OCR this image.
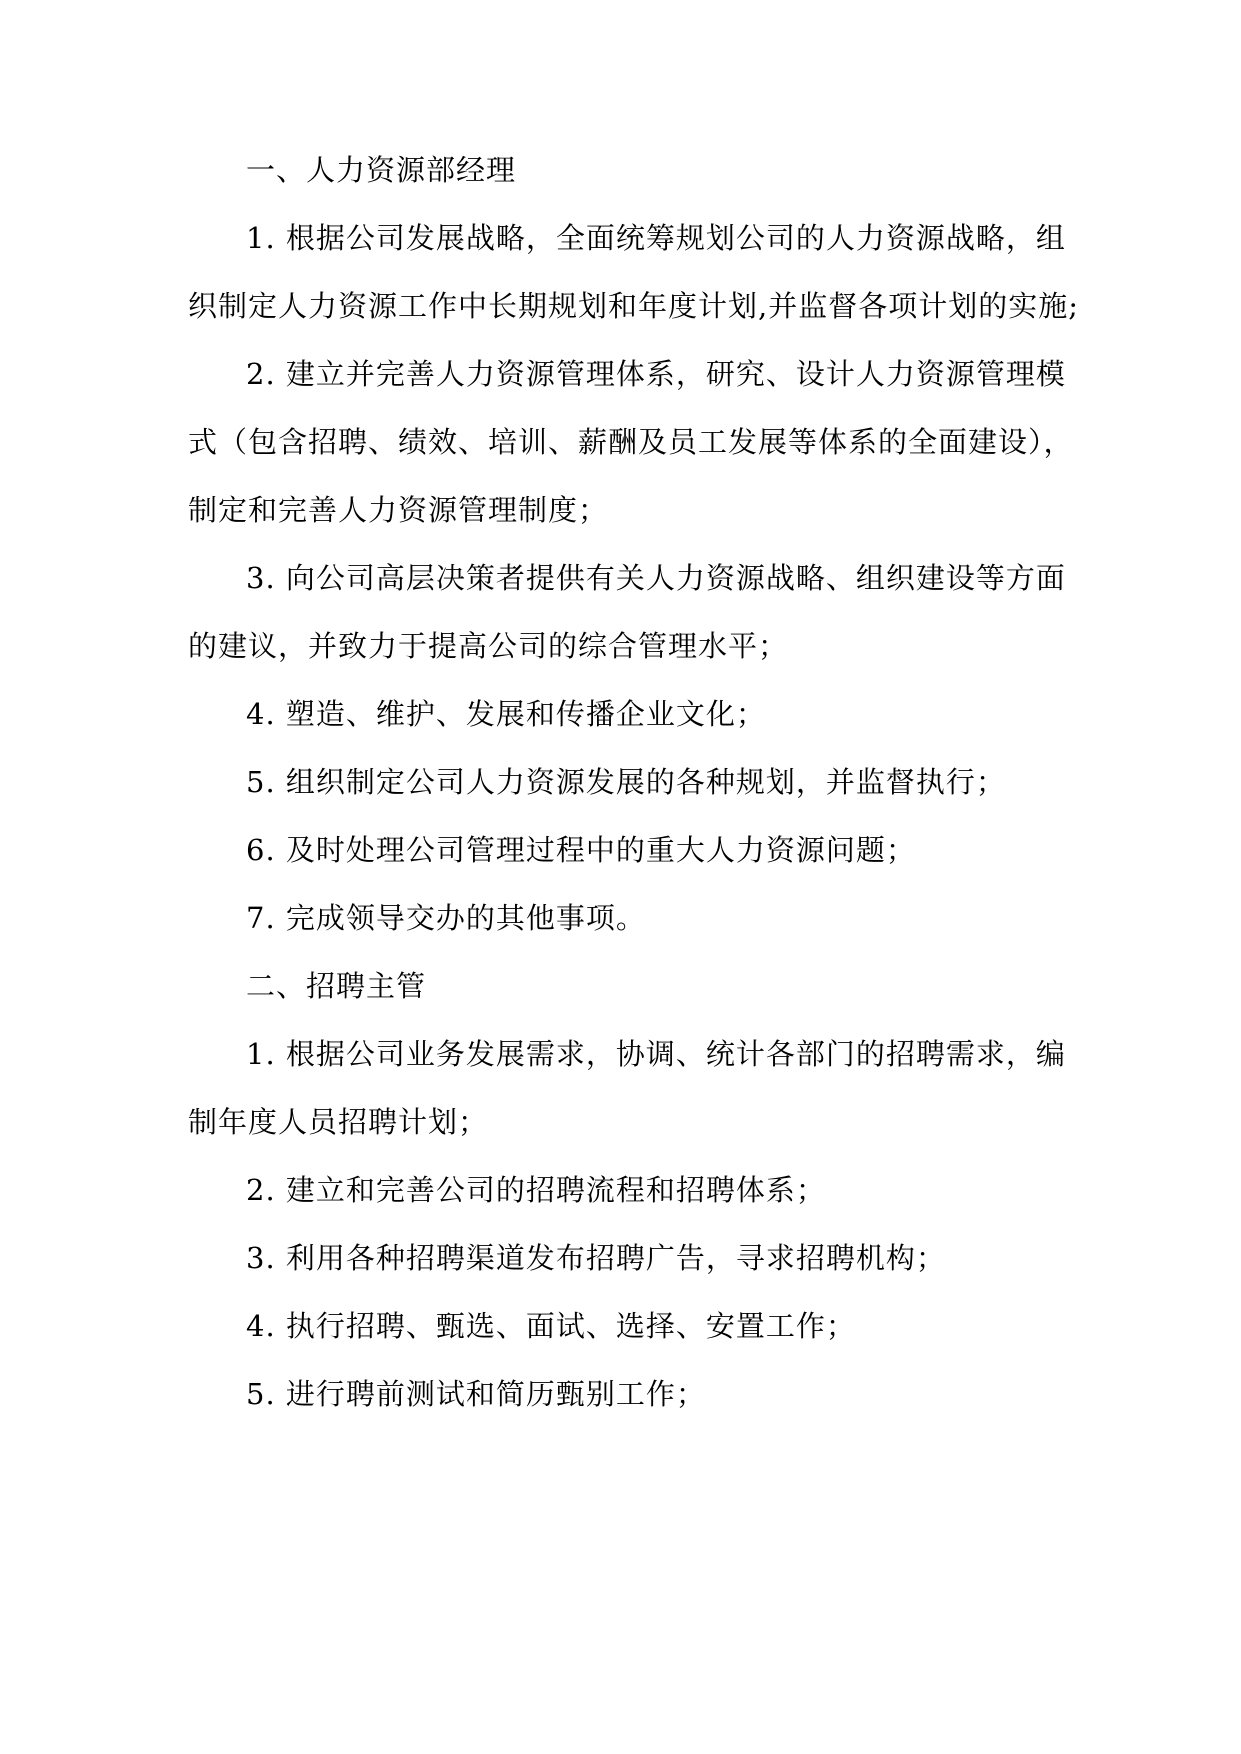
一、人力资源部经理
1. 根据公司发展战略，全面统筹规划公司的人力资源战略，组
织制定人力资源工作中长期规划和年度计划,并监督各项计划的实施;
2. 建立并完善人力资源管理体系，研究、设计人力资源管理模
式（包含招聘、绩效、培训、薪酬及员工发展等体系的全面建设），
制定和完善人力资源管理制度；
3. 向公司高层决策者提供有关人力资源战略、组织建设等方面
的建议，并致力于提高公司的综合管理水平；
4. 塑造、维护、发展和传播企业文化；
5. 组织制定公司人力资源发展的各种规划，并监督执行；
6. 及时处理公司管理过程中的重大人力资源问题；
7. 完成领导交办的其他事项。
二、招聘主管
1. 根据公司业务发展需求，协调、统计各部门的招聘需求，编
制年度人员招聘计划；
2. 建立和完善公司的招聘流程和招聘体系；
3. 利用各种招聘渠道发布招聘广告，寻求招聘机构；
4. 执行招聘、甄选、面试、选择、安置工作；
5. 进行聘前测试和简历甄别工作；
